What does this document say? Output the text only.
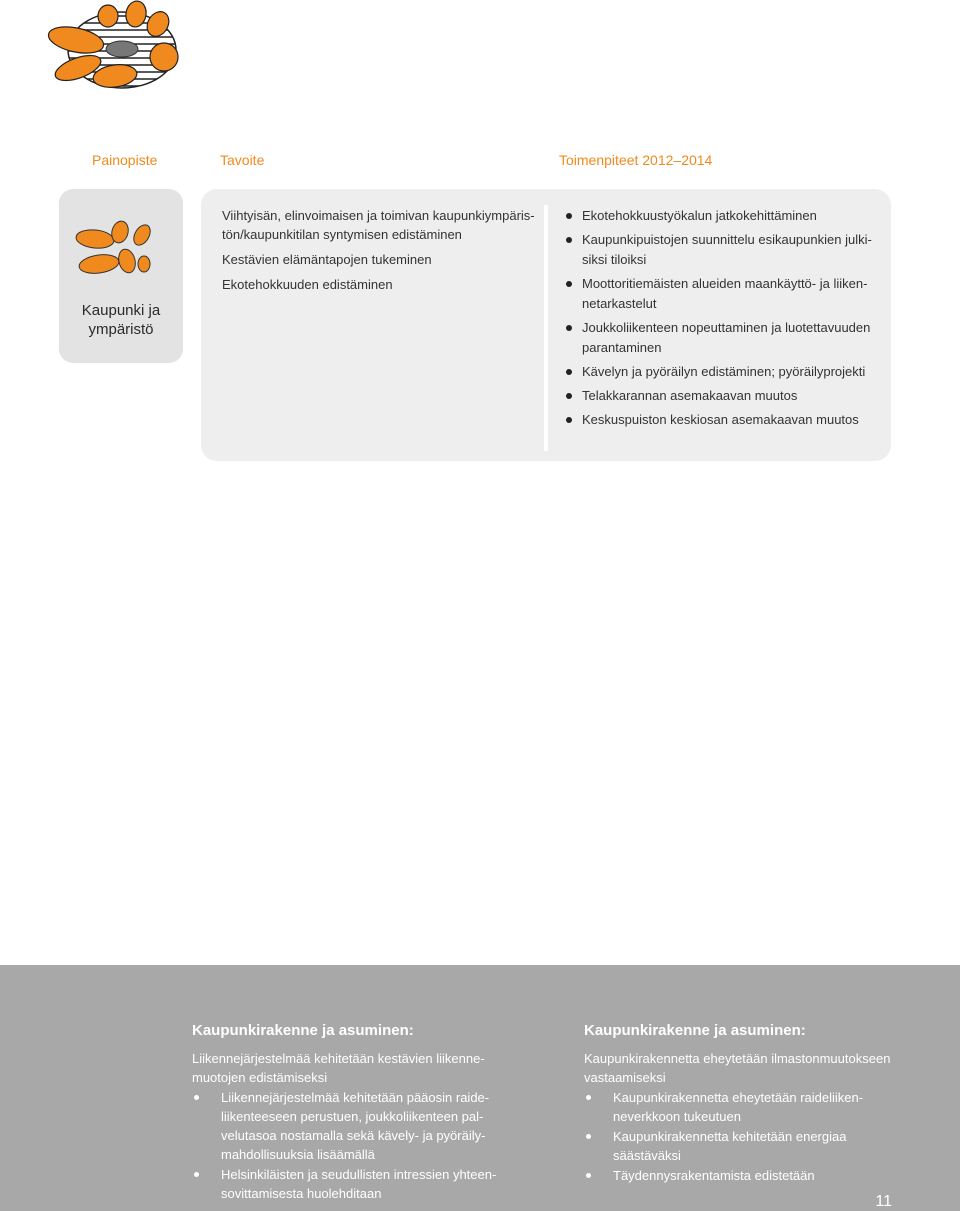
Painopiste	Tavoite	Toimenpiteet 2012–2014
Kaupunki ja
ympäristö

Viihtyisän, elinvoimaisen ja toimivan kaupunkiympäristön/kaupunkitilan syntymisen edistäminen

Kestävien elämäntapojen tukeminen

Ekotehokkuuden edistäminen

Ekotehokkuustyökalun jatkokehittäminen
Kaupunkipuistojen suunnittelu esikaupunkien julkisiksi tiloiksi
Moottoritiemäisten alueiden maankäyttö- ja liikennetarkastelut
Joukkoliikenteen nopeuttaminen ja luotettavuuden parantaminen
Kävelyn ja pyöräilyn edistäminen; pyöräilyprojekti
Telakkarannan asemakaavan muutos
Keskuspuiston keskiosan asemakaavan muutos
Kaupunkirakenne ja asuminen:
Liikennejärjestelmää kehitetään kestävien liikennemuotojen edistämiseksi
Liikennejärjestelmää kehitetään pääosin raideliikenteeseen perustuen, joukkoliikenteen palvelutasoa nostamalla sekä kävely- ja pyöräilymahdollisuuksia lisäämällä
Helsinkiläisten ja seudullisten intressien yhteensovittamisesta huolehditaan
Kaupunkirakenne ja asuminen:
Kaupunkirakennetta eheytetään ilmastonmuutokseen vastaamiseksi
Kaupunkirakennetta eheytetään raideliikenneverkkoon tukeutuen
Kaupunkirakennetta kehitetään energiaa säästäväksi
Täydennysrakentamista edistetään
11
